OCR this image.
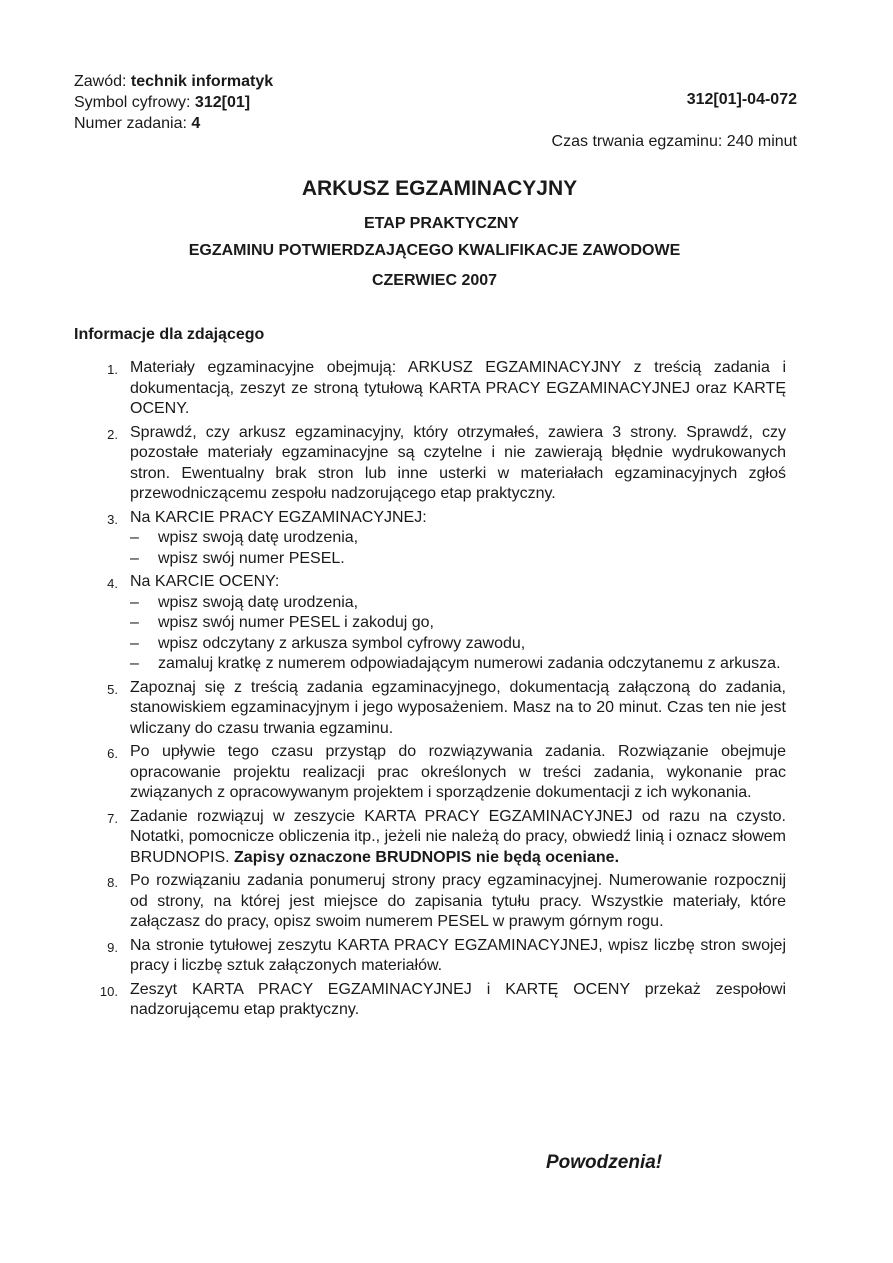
Zawód: technik informatyk
Symbol cyfrowy: 312[01]
Numer zadania: 4
312[01]-04-072
Czas trwania egzaminu: 240 minut
ARKUSZ EGZAMINACYJNY
ETAP PRAKTYCZNY
EGZAMINU POTWIERDZAJĄCEGO KWALIFIKACJE ZAWODOWE
CZERWIEC 2007
Informacje dla zdającego
1. Materiały egzaminacyjne obejmują: ARKUSZ EGZAMINACYJNY z treścią zadania i dokumentacją, zeszyt ze stroną tytułową KARTA PRACY EGZAMINACYJNEJ oraz KARTĘ OCENY.
2. Sprawdź, czy arkusz egzaminacyjny, który otrzymałeś, zawiera 3 strony. Sprawdź, czy pozostałe materiały egzaminacyjne są czytelne i nie zawierają błędnie wydrukowanych stron. Ewentualny brak stron lub inne usterki w materiałach egzaminacyjnych zgłoś przewodniczącemu zespołu nadzorującego etap praktyczny.
3. Na KARCIE PRACY EGZAMINACYJNEJ:
– wpisz swoją datę urodzenia,
– wpisz swój numer PESEL.
4. Na KARCIE OCENY:
– wpisz swoją datę urodzenia,
– wpisz swój numer PESEL i zakoduj go,
– wpisz odczytany z arkusza symbol cyfrowy zawodu,
– zamaluj kratkę z numerem odpowiadającym numerowi zadania odczytanemu z arkusza.
5. Zapoznaj się z treścią zadania egzaminacyjnego, dokumentacją załączoną do zadania, stanowiskiem egzaminacyjnym i jego wyposażeniem. Masz na to 20 minut. Czas ten nie jest wliczany do czasu trwania egzaminu.
6. Po upływie tego czasu przystąp do rozwiązywania zadania. Rozwiązanie obejmuje opracowanie projektu realizacji prac określonych w treści zadania, wykonanie prac związanych z opracowywanym projektem i sporządzenie dokumentacji z ich wykonania.
7. Zadanie rozwiązuj w zeszycie KARTA PRACY EGZAMINACYJNEJ od razu na czysto. Notatki, pomocnicze obliczenia itp., jeżeli nie należą do pracy, obwiedź linią i oznacz słowem BRUDNOPIS. Zapisy oznaczone BRUDNOPIS nie będą oceniane.
8. Po rozwiązaniu zadania ponumeruj strony pracy egzaminacyjnej. Numerowanie rozpocznij od strony, na której jest miejsce do zapisania tytułu pracy. Wszystkie materiały, które załączasz do pracy, opisz swoim numerem PESEL w prawym górnym rogu.
9. Na stronie tytułowej zeszytu KARTA PRACY EGZAMINACYJNEJ, wpisz liczbę stron swojej pracy i liczbę sztuk załączonych materiałów.
10. Zeszyt KARTA PRACY EGZAMINACYJNEJ i KARTĘ OCENY przekaż zespołowi nadzorującemu etap praktyczny.
Powodzenia!
